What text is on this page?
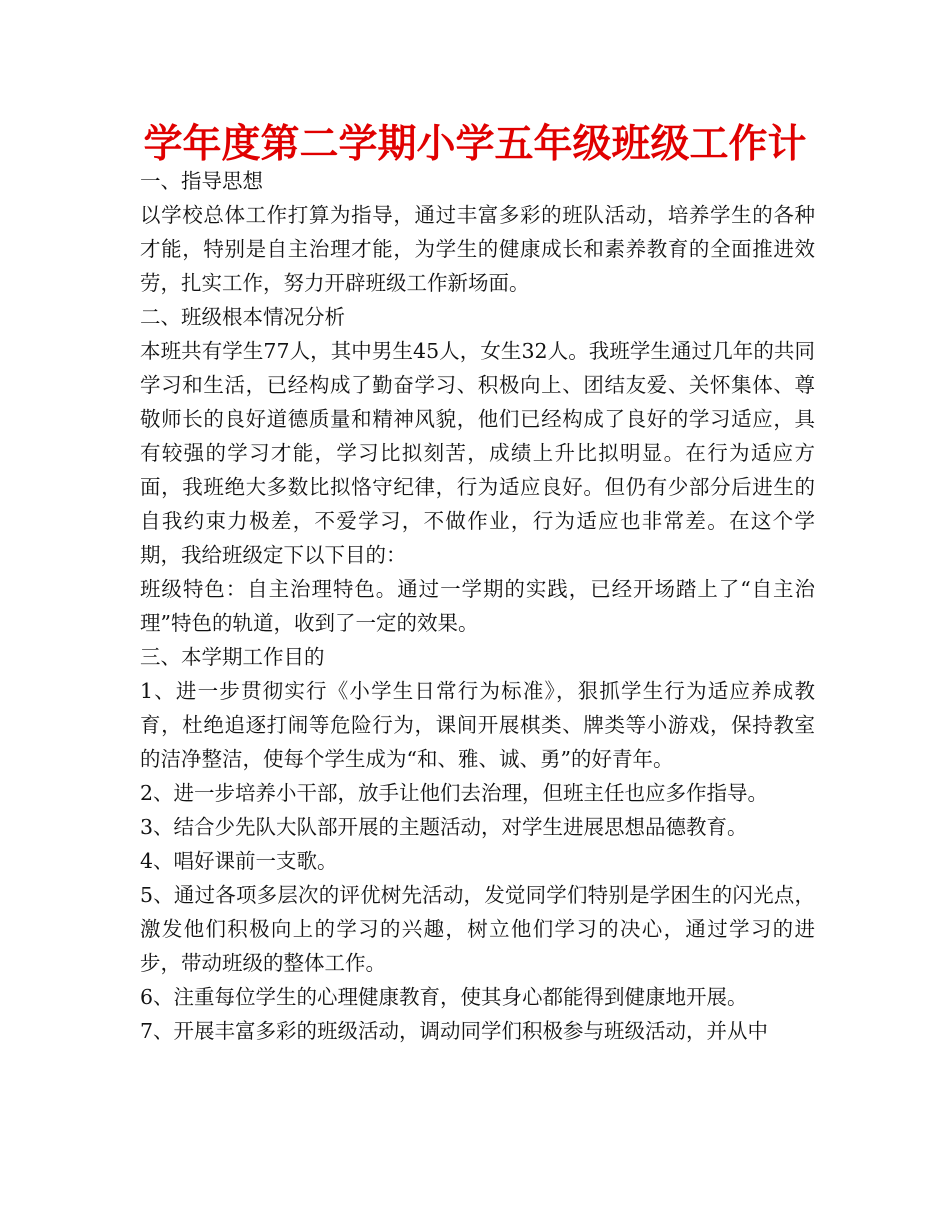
学年度第二学期小学五年级班级工作计

一、指导思想

以学校总体工作打算为指导，通过丰富多彩的班队活动，培养学生的各种才能，特别是自主治理才能，为学生的健康成长和素养教育的全面推进效劳，扎实工作，努力开辟班级工作新场面。

二、班级根本情况分析

本班共有学生77人，其中男生45人，女生32人。我班学生通过几年的共同学习和生活，已经构成了勤奋学习、积极向上、团结友爱、关怀集体、尊敬师长的良好道德质量和精神风貌，他们已经构成了良好的学习适应，具有较强的学习才能，学习比拟刻苦，成绩上升比拟明显。在行为适应方面，我班绝大多数比拟恪守纪律，行为适应良好。但仍有少部分后进生的自我约束力极差，不爱学习，不做作业，行为适应也非常差。在这个学期，我给班级定下以下目的：

班级特色：自主治理特色。通过一学期的实践，已经开场踏上了“自主治理”特色的轨道，收到了一定的效果。

三、本学期工作目的

1、进一步贯彻实行《小学生日常行为标准》，狠抓学生行为适应养成教育，杜绝追逐打闹等危险行为，课间开展棋类、牌类等小游戏，保持教室的洁净整洁，使每个学生成为“和、雅、诚、勇”的好青年。

2、进一步培养小干部，放手让他们去治理，但班主任也应多作指导。

3、结合少先队大队部开展的主题活动，对学生进展思想品德教育。

4、唱好课前一支歌。

5、通过各项多层次的评优树先活动，发觉同学们特别是学困生的闪光点，激发他们积极向上的学习的兴趣，树立他们学习的决心，通过学习的进步，带动班级的整体工作。

6、注重每位学生的心理健康教育，使其身心都能得到健康地开展。

7、开展丰富多彩的班级活动，调动同学们积极参与班级活动，并从中
